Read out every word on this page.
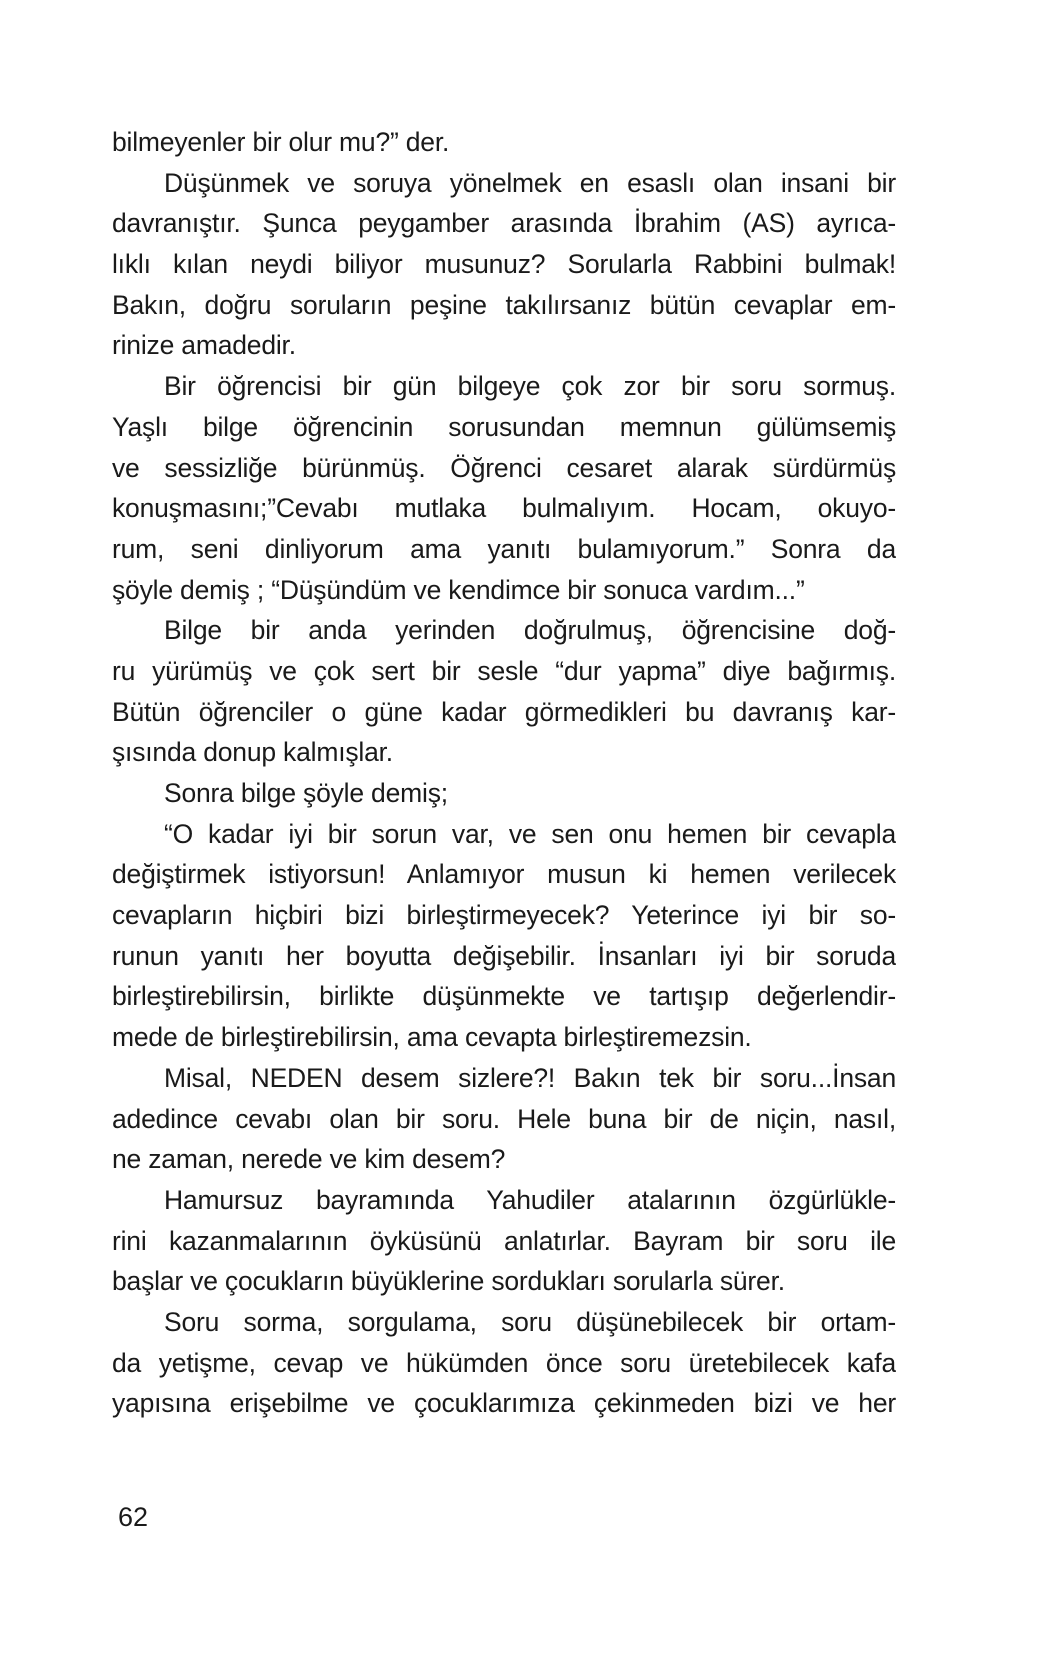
bilmeyenler bir olur mu?” der.
Düşünmek ve soruya yönelmek en esaslı olan insani bir
davranıştır. Şunca peygamber arasında İbrahim (AS) ayrıca-
lıklı kılan neydi biliyor musunuz? Sorularla Rabbini bulmak!
Bakın, doğru soruların peşine takılırsanız bütün cevaplar em-
rinize amadedir.
Bir öğrencisi bir gün bilgeye çok zor bir soru sormuş.
Yaşlı bilge öğrencinin sorusundan memnun gülümsemiş
ve sessizliğe bürünmüş. Öğrenci cesaret alarak sürdürmüş
konuşmasını;”Cevabı mutlaka bulmalıyım. Hocam, okuyo-
rum, seni dinliyorum ama yanıtı bulamıyorum.” Sonra da
şöyle demiş ; “Düşündüm ve kendimce bir sonuca vardım...”
Bilge bir anda yerinden doğrulmuş, öğrencisine doğ-
ru yürümüş ve çok sert bir sesle “dur yapma” diye bağırmış.
Bütün öğrenciler o güne kadar görmedikleri bu davranış kar-
şısında donup kalmışlar.
Sonra bilge şöyle demiş;
“O kadar iyi bir sorun var, ve sen onu hemen bir cevapla
değiştirmek istiyorsun! Anlamıyor musun ki hemen verilecek
cevapların hiçbiri bizi birleştirmeyecek? Yeterince iyi bir so-
runun yanıtı her boyutta değişebilir. İnsanları iyi bir soruda
birleştirebilirsin, birlikte düşünmekte ve tartışıp değerlendir-
mede de birleştirebilirsin, ama cevapta birleştiremezsin.
Misal, NEDEN desem sizlere?! Bakın tek bir soru...İnsan
adedince cevabı olan bir soru. Hele buna bir de niçin, nasıl,
ne zaman, nerede ve kim desem?
Hamursuz bayramında Yahudiler atalarının özgürlükle-
rini kazanmalarının öyküsünü anlatırlar. Bayram bir soru ile
başlar ve çocukların büyüklerine sordukları sorularla sürer.
Soru sorma, sorgulama, soru düşünebilecek bir ortam-
da yetişme, cevap ve hükümden önce soru üretebilecek kafa
yapısına erişebilme ve çocuklarımıza çekinmeden bizi ve her
62
